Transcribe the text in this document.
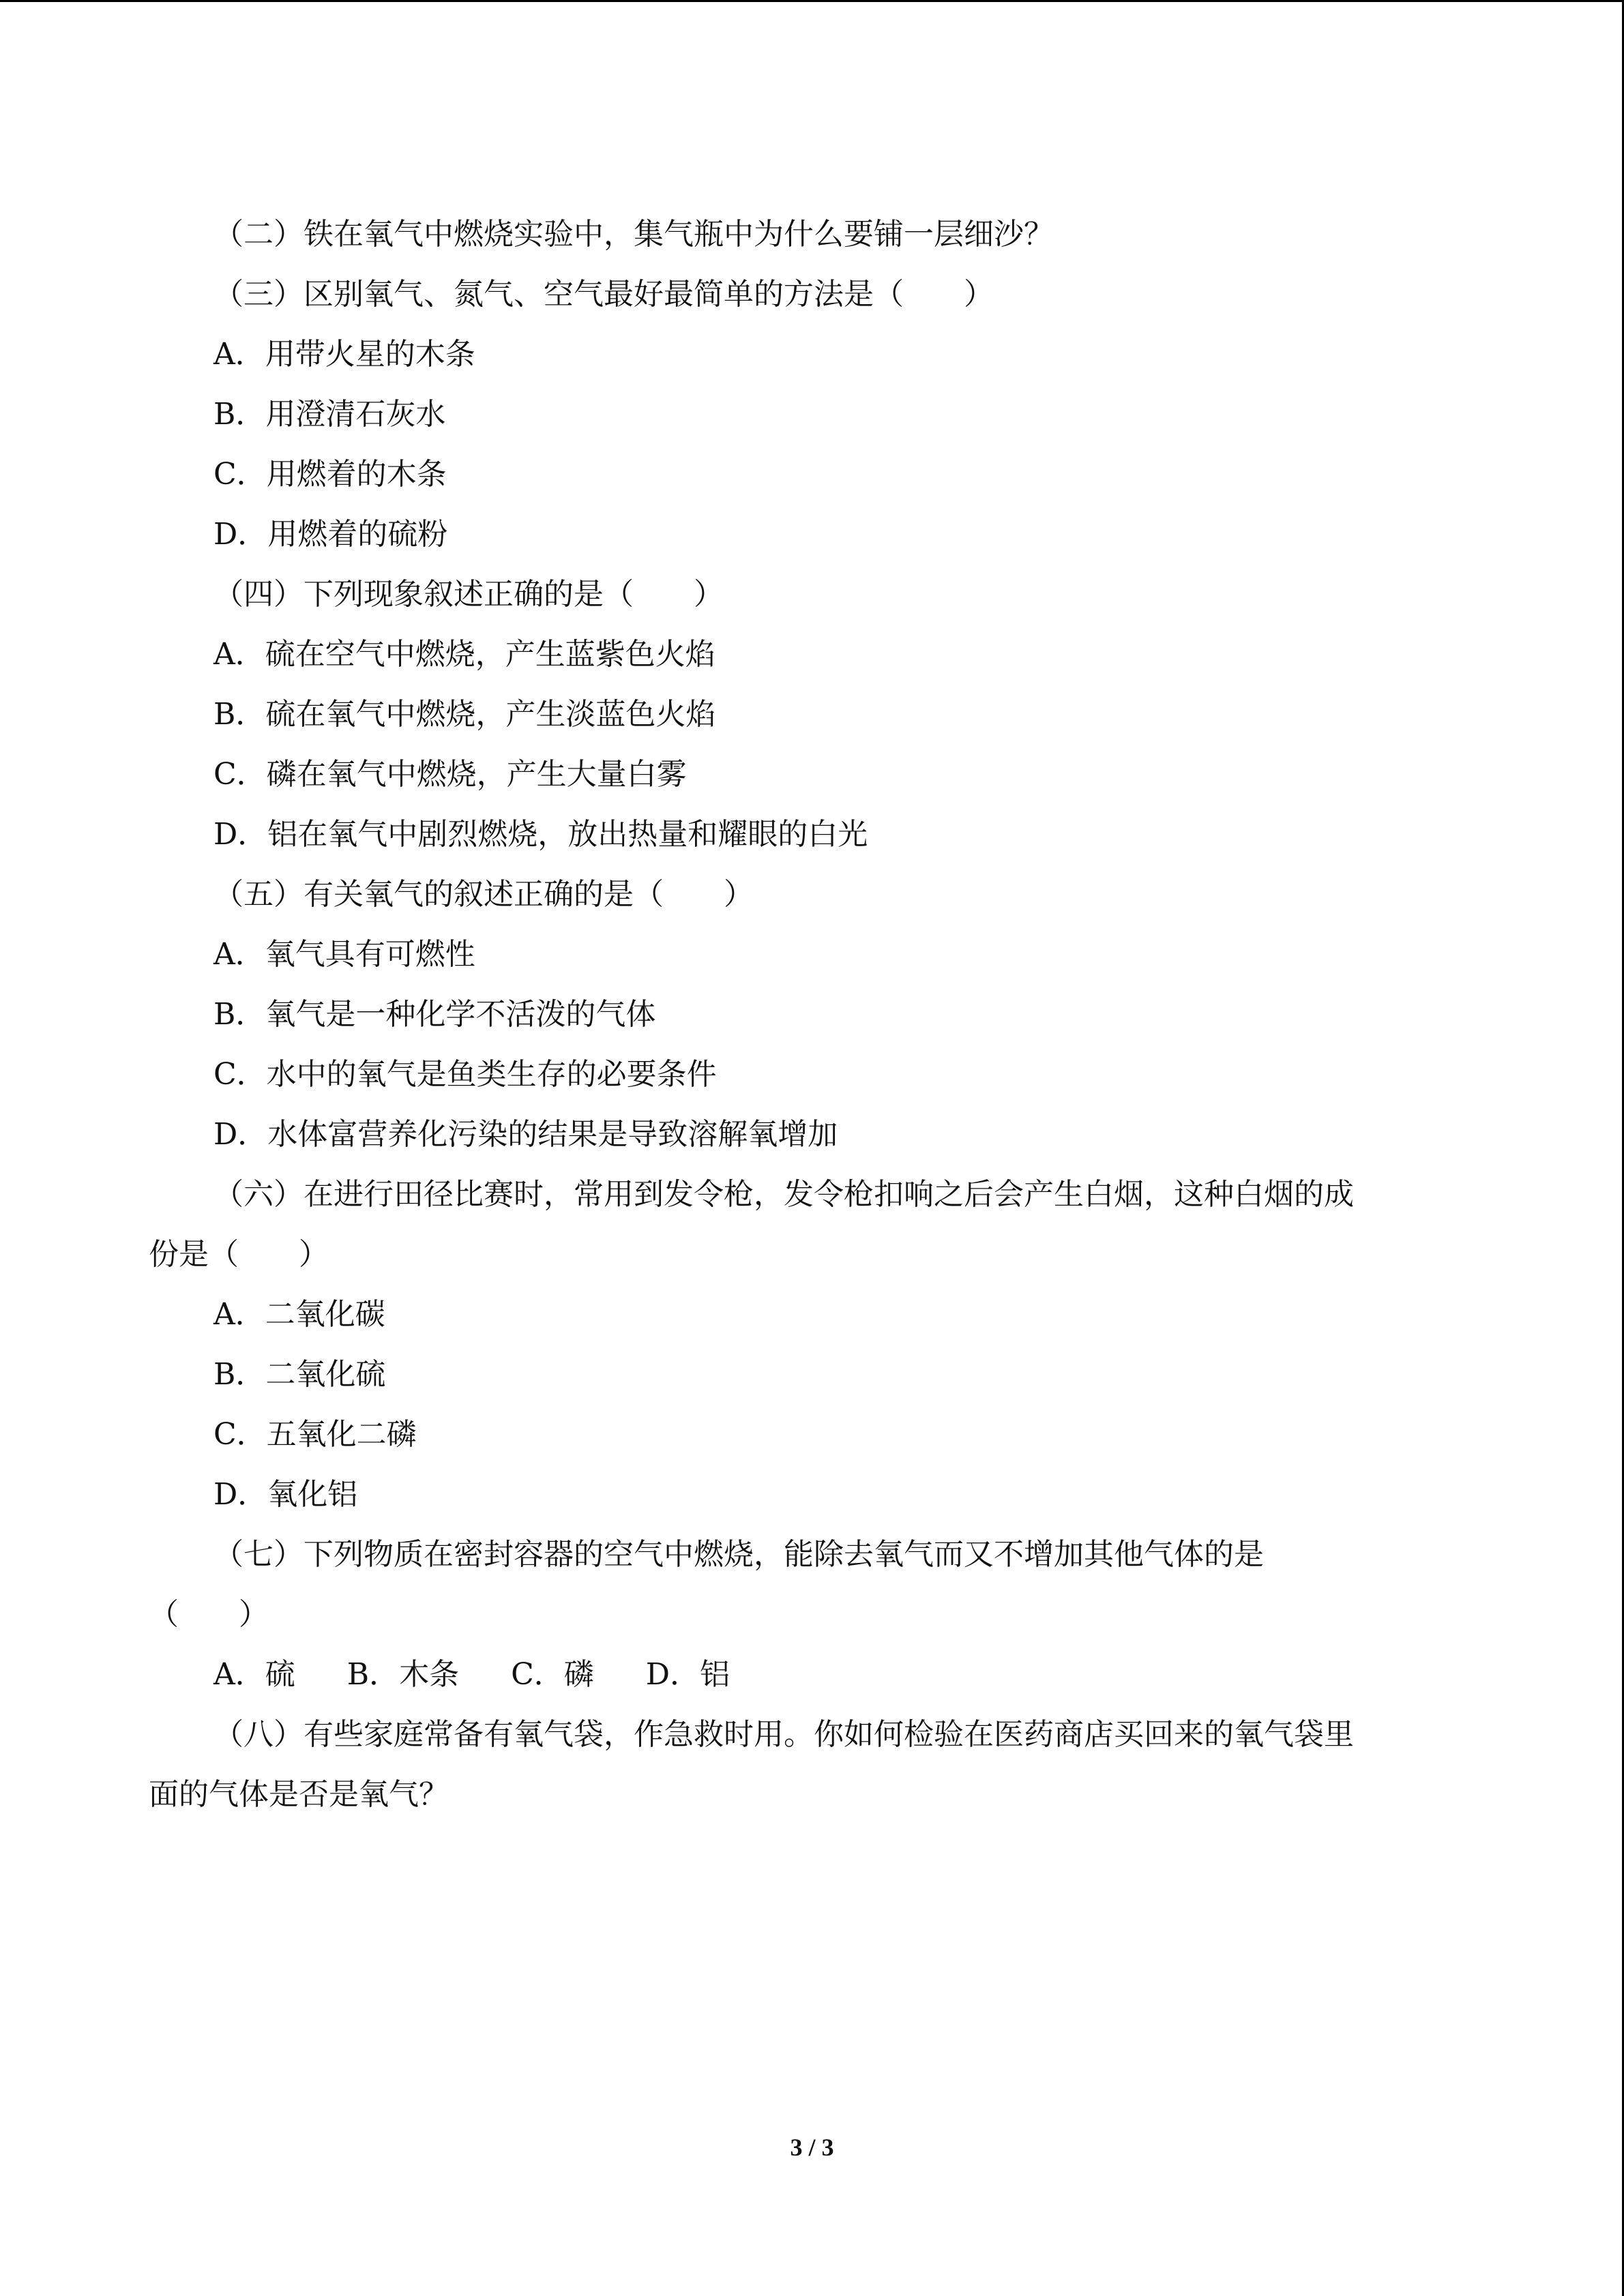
（二）铁在氧气中燃烧实验中，集气瓶中为什么要铺一层细沙？
（三）区别氧气、氮气、空气最好最简单的方法是（　　）
A．用带火星的木条
B．用澄清石灰水
C．用燃着的木条
D．用燃着的硫粉
（四）下列现象叙述正确的是（　　）
A．硫在空气中燃烧，产生蓝紫色火焰
B．硫在氧气中燃烧，产生淡蓝色火焰
C．磷在氧气中燃烧，产生大量白雾
D．铝在氧气中剧烈燃烧，放出热量和耀眼的白光
（五）有关氧气的叙述正确的是（　　）
A．氧气具有可燃性
B．氧气是一种化学不活泼的气体
C．水中的氧气是鱼类生存的必要条件
D．水体富营养化污染的结果是导致溶解氧增加
（六）在进行田径比赛时，常用到发令枪，发令枪扣响之后会产生白烟，这种白烟的成
份是（　　）
A．二氧化碳
B．二氧化硫
C．五氧化二磷
D．氧化铝
（七）下列物质在密封容器的空气中燃烧，能除去氧气而又不增加其他气体的是
（　　）
A．硫 B．木条 C．磷 D．铝
（八）有些家庭常备有氧气袋，作急救时用。你如何检验在医药商店买回来的氧气袋里
面的气体是否是氧气？
3 / 3
